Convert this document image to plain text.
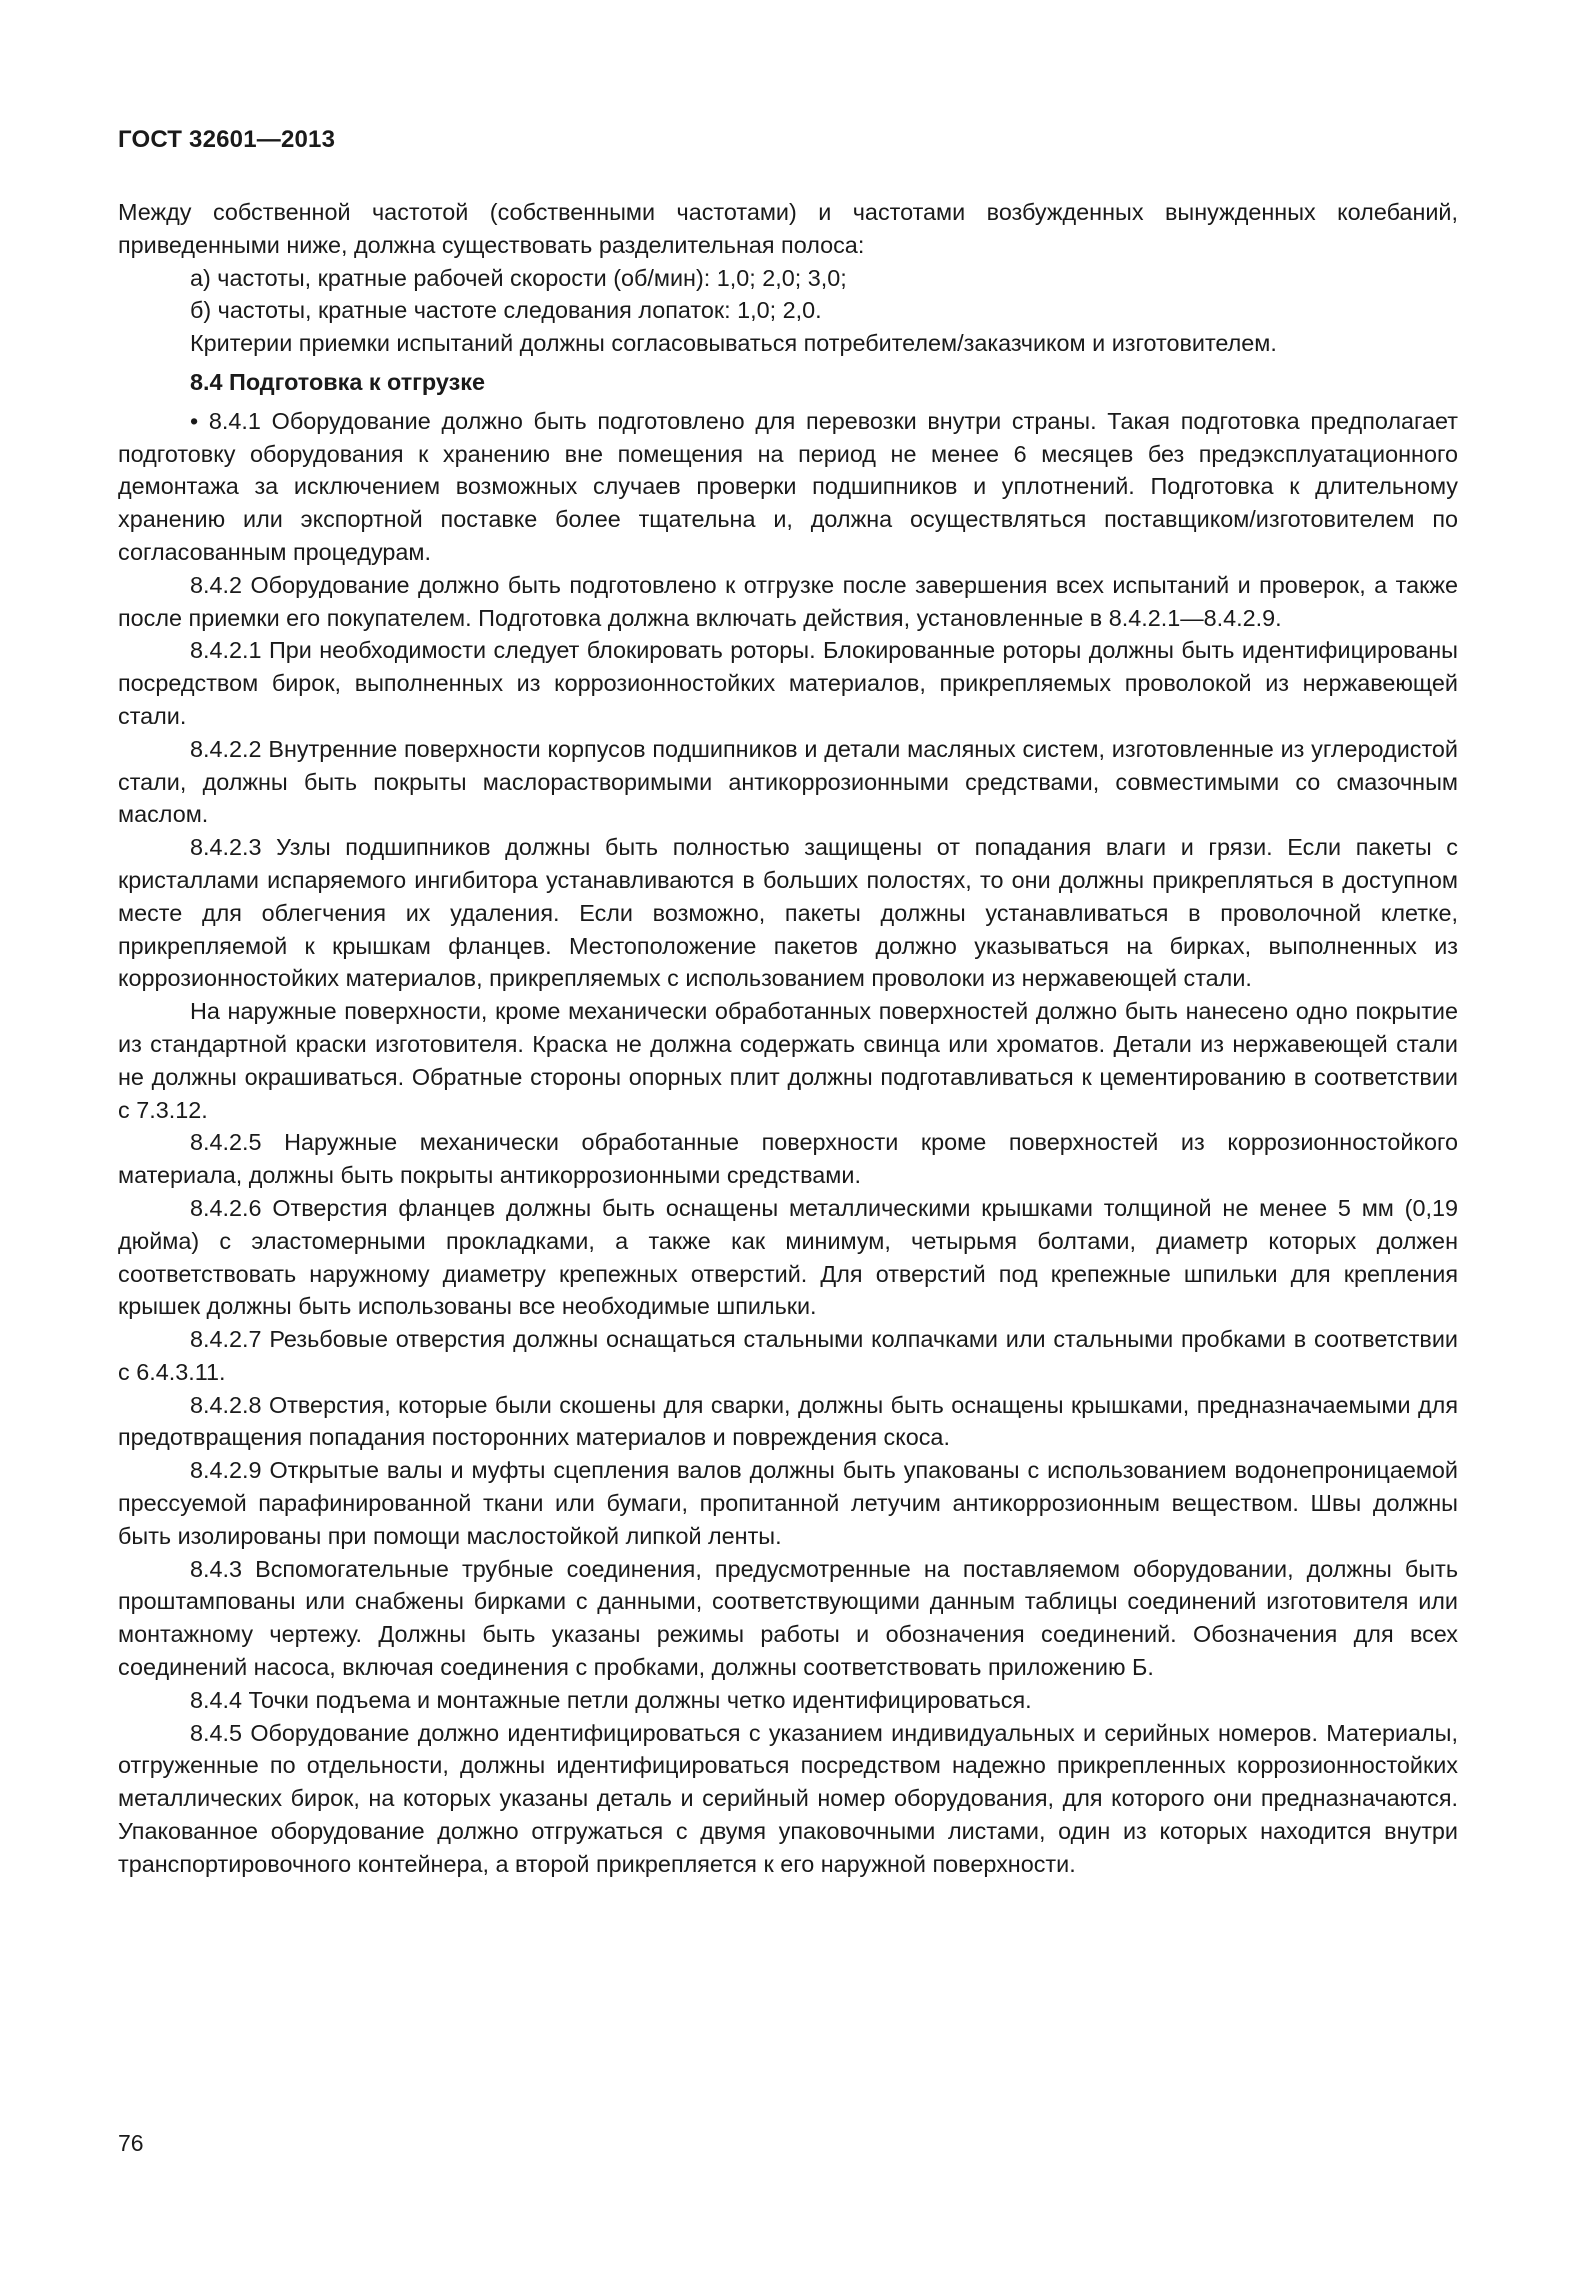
ГОСТ 32601—2013

Между собственной частотой (собственными частотами) и частотами возбужденных вынужденных колебаний, приведенными ниже, должна существовать разделительная полоса:

а) частоты, кратные рабочей скорости (об/мин): 1,0; 2,0; 3,0;

б) частоты, кратные частоте следования лопаток: 1,0; 2,0.

Критерии приемки испытаний должны согласовываться потребителем/заказчиком и изготовителем.

8.4 Подготовка к отгрузке

• 8.4.1 Оборудование должно быть подготовлено для перевозки внутри страны. Такая подготовка предполагает подготовку оборудования к хранению вне помещения на период не менее 6 месяцев без предэксплуатационного демонтажа за исключением возможных случаев проверки подшипников и уплотнений. Подготовка к длительному хранению или экспортной поставке более тщательна и, должна осуществляться поставщиком/изготовителем по согласованным процедурам.

8.4.2 Оборудование должно быть подготовлено к отгрузке после завершения всех испытаний и проверок, а также после приемки его покупателем. Подготовка должна включать действия, установленные в 8.4.2.1—8.4.2.9.

8.4.2.1 При необходимости следует блокировать роторы. Блокированные роторы должны быть идентифицированы посредством бирок, выполненных из коррозионностойких материалов, прикрепляемых проволокой из нержавеющей стали.

8.4.2.2 Внутренние поверхности корпусов подшипников и детали масляных систем, изготовленные из углеродистой стали, должны быть покрыты маслорастворимыми антикоррозионными средствами, совместимыми со смазочным маслом.

8.4.2.3 Узлы подшипников должны быть полностью защищены от попадания влаги и грязи. Если пакеты с кристаллами испаряемого ингибитора устанавливаются в больших полостях, то они должны прикрепляться в доступном месте для облегчения их удаления. Если возможно, пакеты должны устанавливаться в проволочной клетке, прикрепляемой к крышкам фланцев. Местоположение пакетов должно указываться на бирках, выполненных из коррозионностойких материалов, прикрепляемых с использованием проволоки из нержавеющей стали.

На наружные поверхности, кроме механически обработанных поверхностей должно быть нанесено одно покрытие из стандартной краски изготовителя. Краска не должна содержать свинца или хроматов. Детали из нержавеющей стали не должны окрашиваться. Обратные стороны опорных плит должны подготавливаться к цементированию в соответствии с 7.3.12.

8.4.2.5 Наружные механически обработанные поверхности кроме поверхностей из коррозионностойкого материала, должны быть покрыты антикоррозионными средствами.

8.4.2.6 Отверстия фланцев должны быть оснащены металлическими крышками толщиной не менее 5 мм (0,19 дюйма) с эластомерными прокладками, а также как минимум, четырьмя болтами, диаметр которых должен соответствовать наружному диаметру крепежных отверстий. Для отверстий под крепежные шпильки для крепления крышек должны быть использованы все необходимые шпильки.

8.4.2.7 Резьбовые отверстия должны оснащаться стальными колпачками или стальными пробками в соответствии с 6.4.3.11.

8.4.2.8 Отверстия, которые были скошены для сварки, должны быть оснащены крышками, предназначаемыми для предотвращения попадания посторонних материалов и повреждения скоса.

8.4.2.9 Открытые валы и муфты сцепления валов должны быть упакованы с использованием водонепроницаемой прессуемой парафинированной ткани или бумаги, пропитанной летучим антикоррозионным веществом. Швы должны быть изолированы при помощи маслостойкой липкой ленты.

8.4.3 Вспомогательные трубные соединения, предусмотренные на поставляемом оборудовании, должны быть проштампованы или снабжены бирками с данными, соответствующими данным таблицы соединений изготовителя или монтажному чертежу. Должны быть указаны режимы работы и обозначения соединений. Обозначения для всех соединений насоса, включая соединения с пробками, должны соответствовать приложению Б.

8.4.4 Точки подъема и монтажные петли должны четко идентифицироваться.

8.4.5 Оборудование должно идентифицироваться с указанием индивидуальных и серийных номеров. Материалы, отгруженные по отдельности, должны идентифицироваться посредством надежно прикрепленных коррозионностойких металлических бирок, на которых указаны деталь и серийный номер оборудования, для которого они предназначаются. Упакованное оборудование должно отгружаться с двумя упаковочными листами, один из которых находится внутри транспортировочного контейнера, а второй прикрепляется к его наружной поверхности.

76
